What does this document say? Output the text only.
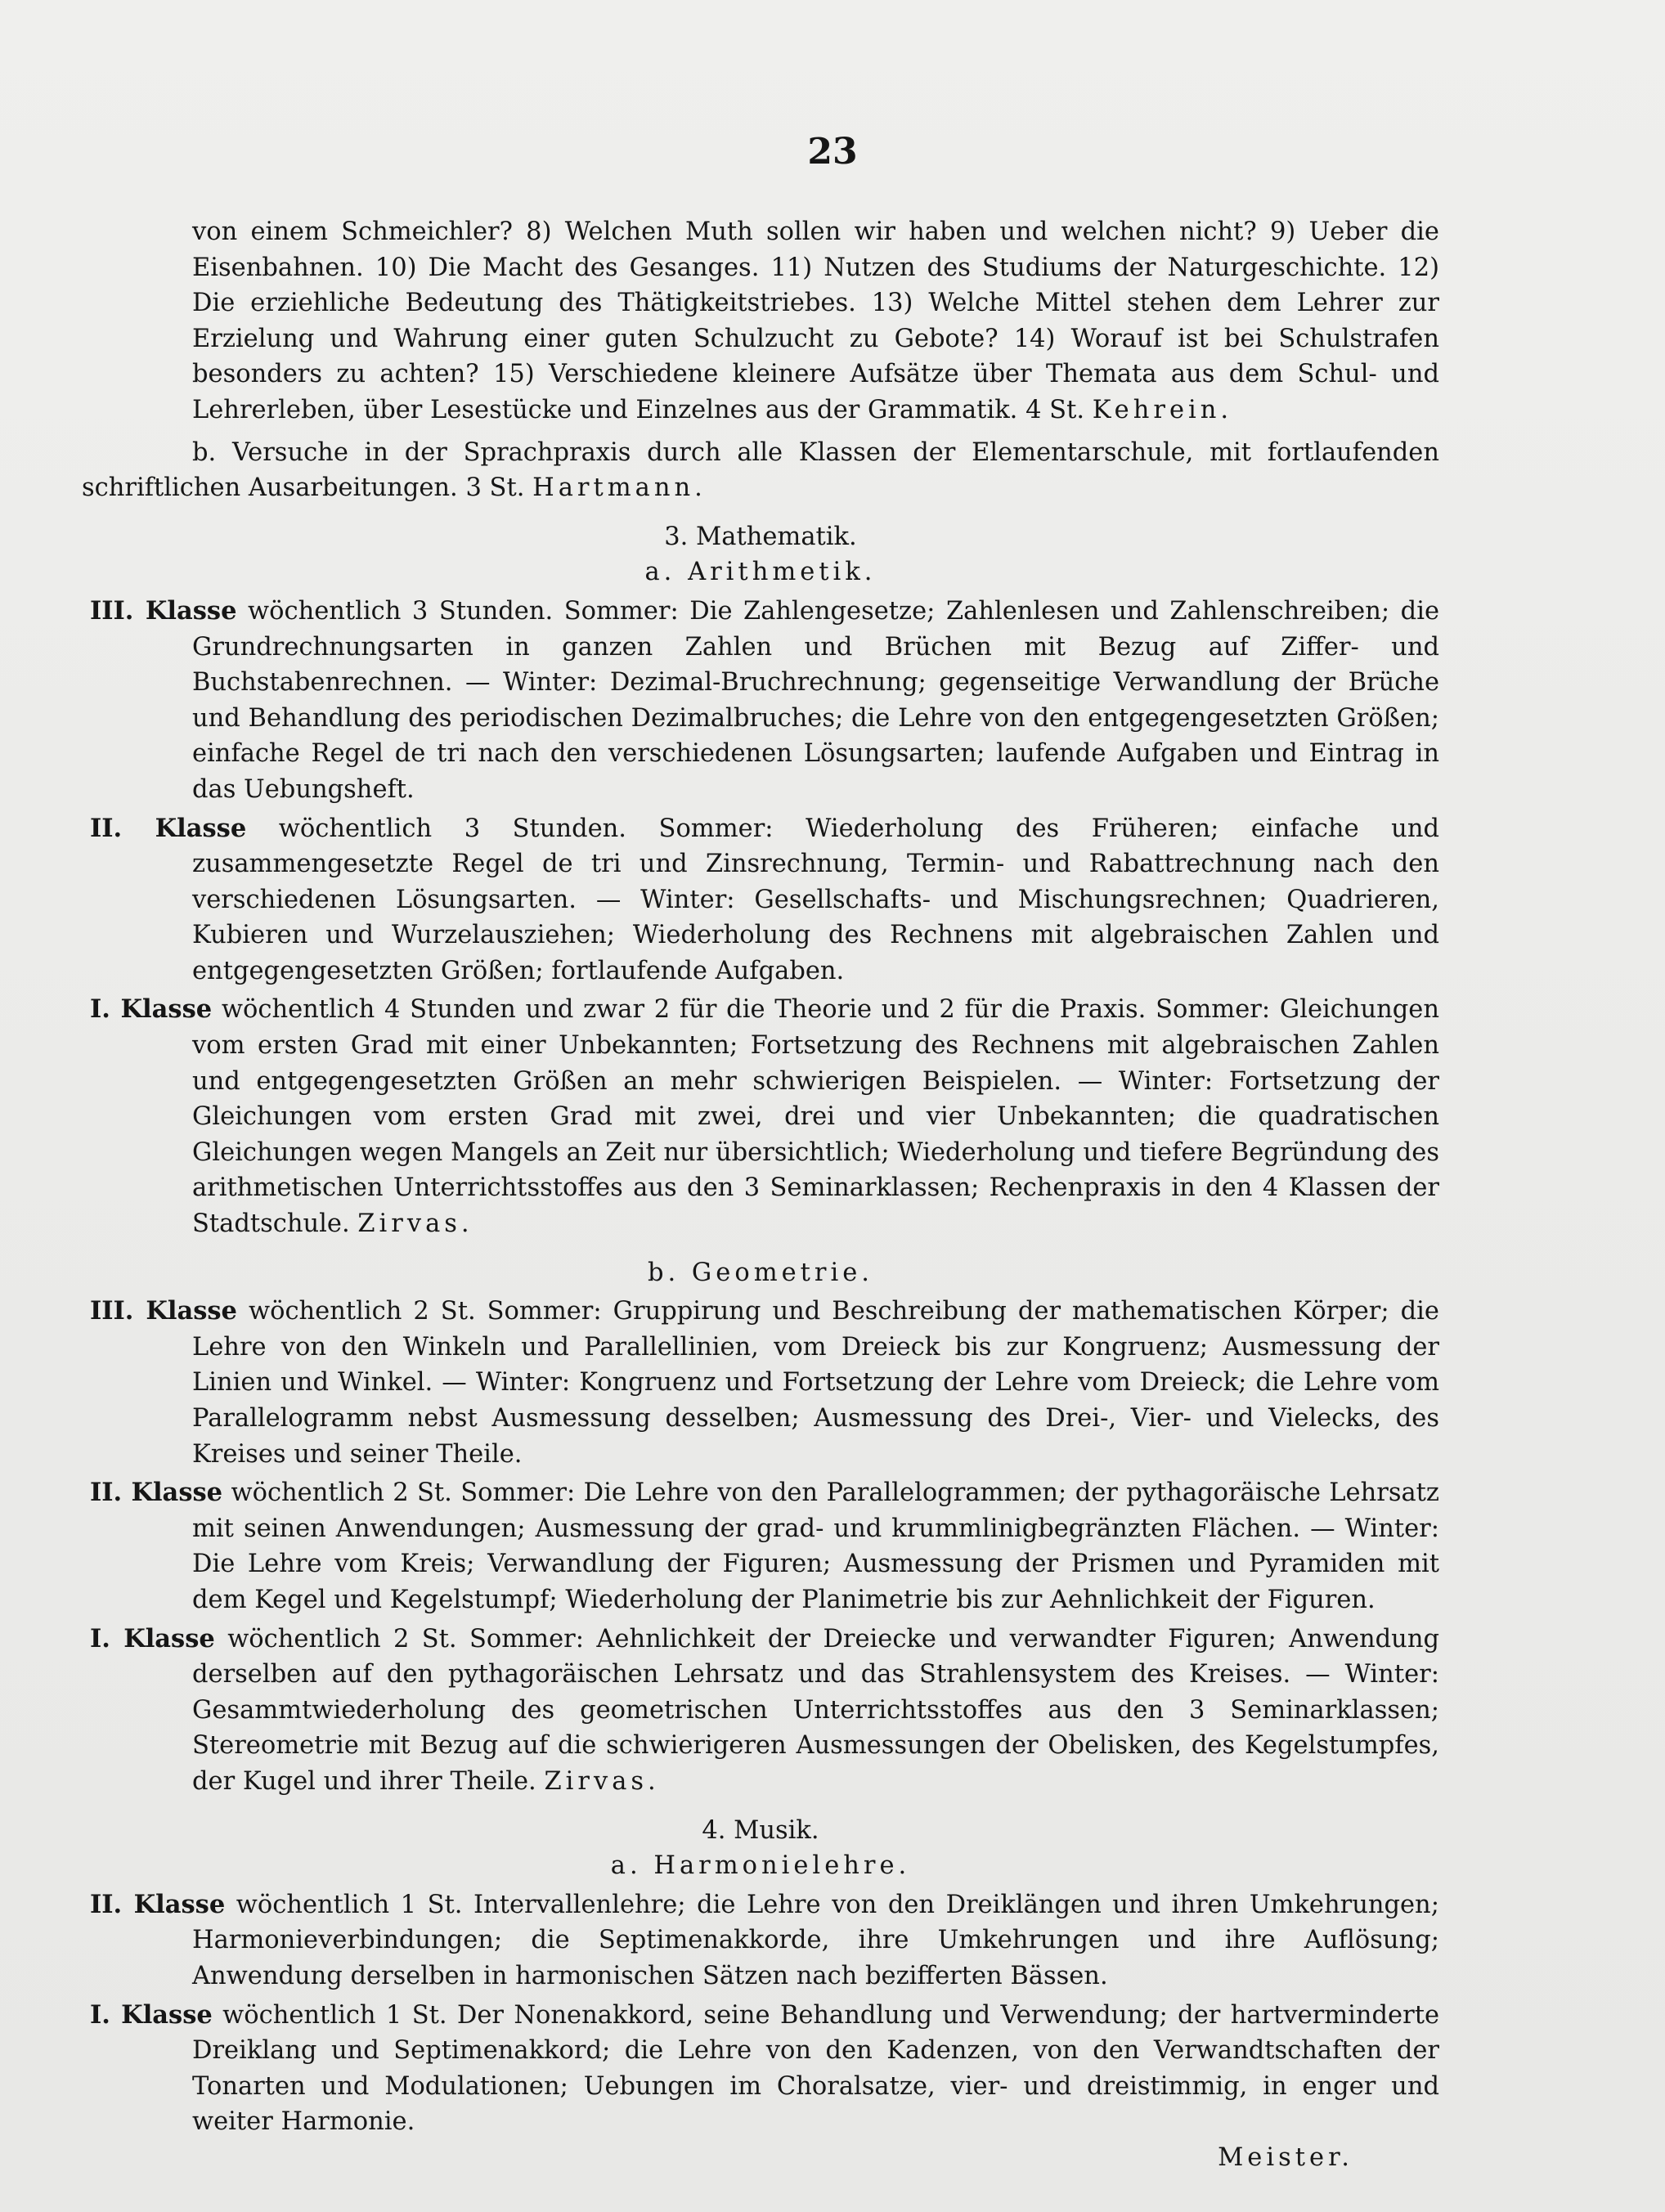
23

von einem Schmeichler? 8) Welchen Muth sollen wir haben und welchen nicht? 9) Ueber die Eisenbahnen. 10) Die Macht des Gesanges. 11) Nutzen des Studiums der Naturgeschichte. 12) Die erziehliche Bedeutung des Thätigkeitstriebes. 13) Welche Mittel stehen dem Lehrer zur Erzielung und Wahrung einer guten Schulzucht zu Gebote? 14) Worauf ist bei Schulstrafen besonders zu achten? 15) Verschiedene kleinere Aufsätze über Themata aus dem Schul- und Lehrerleben, über Lesestücke und Einzelnes aus der Grammatik. 4 St. Kehrein.

b. Versuche in der Sprachpraxis durch alle Klassen der Elementarschule, mit fortlaufenden schriftlichen Ausarbeitungen. 3 St. Hartmann.

3. Mathematik.

a. Arithmetik.

III. Klasse wöchentlich 3 Stunden. Sommer: Die Zahlengesetze; Zahlenlesen und Zahlenschreiben; die Grundrechnungsarten in ganzen Zahlen und Brüchen mit Bezug auf Ziffer- und Buchstabenrechnen. — Winter: Dezimal-Bruchrechnung; gegenseitige Verwandlung der Brüche und Behandlung des periodischen Dezimalbruches; die Lehre von den entgegengesetzten Größen; einfache Regel de tri nach den verschiedenen Lösungsarten; laufende Aufgaben und Eintrag in das Uebungsheft.

II. Klasse wöchentlich 3 Stunden. Sommer: Wiederholung des Früheren; einfache und zusammengesetzte Regel de tri und Zinsrechnung, Termin- und Rabattrechnung nach den verschiedenen Lösungsarten. — Winter: Gesellschafts- und Mischungsrechnen; Quadrieren, Kubieren und Wurzelausziehen; Wiederholung des Rechnens mit algebraischen Zahlen und entgegengesetzten Größen; fortlaufende Aufgaben.

I. Klasse wöchentlich 4 Stunden und zwar 2 für die Theorie und 2 für die Praxis. Sommer: Gleichungen vom ersten Grad mit einer Unbekannten; Fortsetzung des Rechnens mit algebraischen Zahlen und entgegengesetzten Größen an mehr schwierigen Beispielen. — Winter: Fortsetzung der Gleichungen vom ersten Grad mit zwei, drei und vier Unbekannten; die quadratischen Gleichungen wegen Mangels an Zeit nur übersichtlich; Wiederholung und tiefere Begründung des arithmetischen Unterrichtsstoffes aus den 3 Seminarklassen; Rechenpraxis in den 4 Klassen der Stadtschule. Zirvas.

b. Geometrie.

III. Klasse wöchentlich 2 St. Sommer: Gruppirung und Beschreibung der mathematischen Körper; die Lehre von den Winkeln und Parallellinien, vom Dreieck bis zur Kongruenz; Ausmessung der Linien und Winkel. — Winter: Kongruenz und Fortsetzung der Lehre vom Dreieck; die Lehre vom Parallelogramm nebst Ausmessung desselben; Ausmessung des Drei-, Vier- und Vielecks, des Kreises und seiner Theile.

II. Klasse wöchentlich 2 St. Sommer: Die Lehre von den Parallelogrammen; der pythagoräische Lehrsatz mit seinen Anwendungen; Ausmessung der grad- und krummlinigbegränzten Flächen. — Winter: Die Lehre vom Kreis; Verwandlung der Figuren; Ausmessung der Prismen und Pyramiden mit dem Kegel und Kegelstumpf; Wiederholung der Planimetrie bis zur Aehnlichkeit der Figuren.

I. Klasse wöchentlich 2 St. Sommer: Aehnlichkeit der Dreiecke und verwandter Figuren; Anwendung derselben auf den pythagoräischen Lehrsatz und das Strahlensystem des Kreises. — Winter: Gesammtwiederholung des geometrischen Unterrichtsstoffes aus den 3 Seminarklassen; Stereometrie mit Bezug auf die schwierigeren Ausmessungen der Obelisken, des Kegelstumpfes, der Kugel und ihrer Theile. Zirvas.

4. Musik.

a. Harmonielehre.

II. Klasse wöchentlich 1 St. Intervallenlehre; die Lehre von den Dreiklängen und ihren Umkehrungen; Harmonieverbindungen; die Septimenakkorde, ihre Umkehrungen und ihre Auflösung; Anwendung derselben in harmonischen Sätzen nach bezifferten Bässen.

I. Klasse wöchentlich 1 St. Der Nonenakkord, seine Behandlung und Verwendung; der hartverminderte Dreiklang und Septimenakkord; die Lehre von den Kadenzen, von den Verwandtschaften der Tonarten und Modulationen; Uebungen im Choralsatze, vier- und dreistimmig, in enger und weiter Harmonie.

Meister.
